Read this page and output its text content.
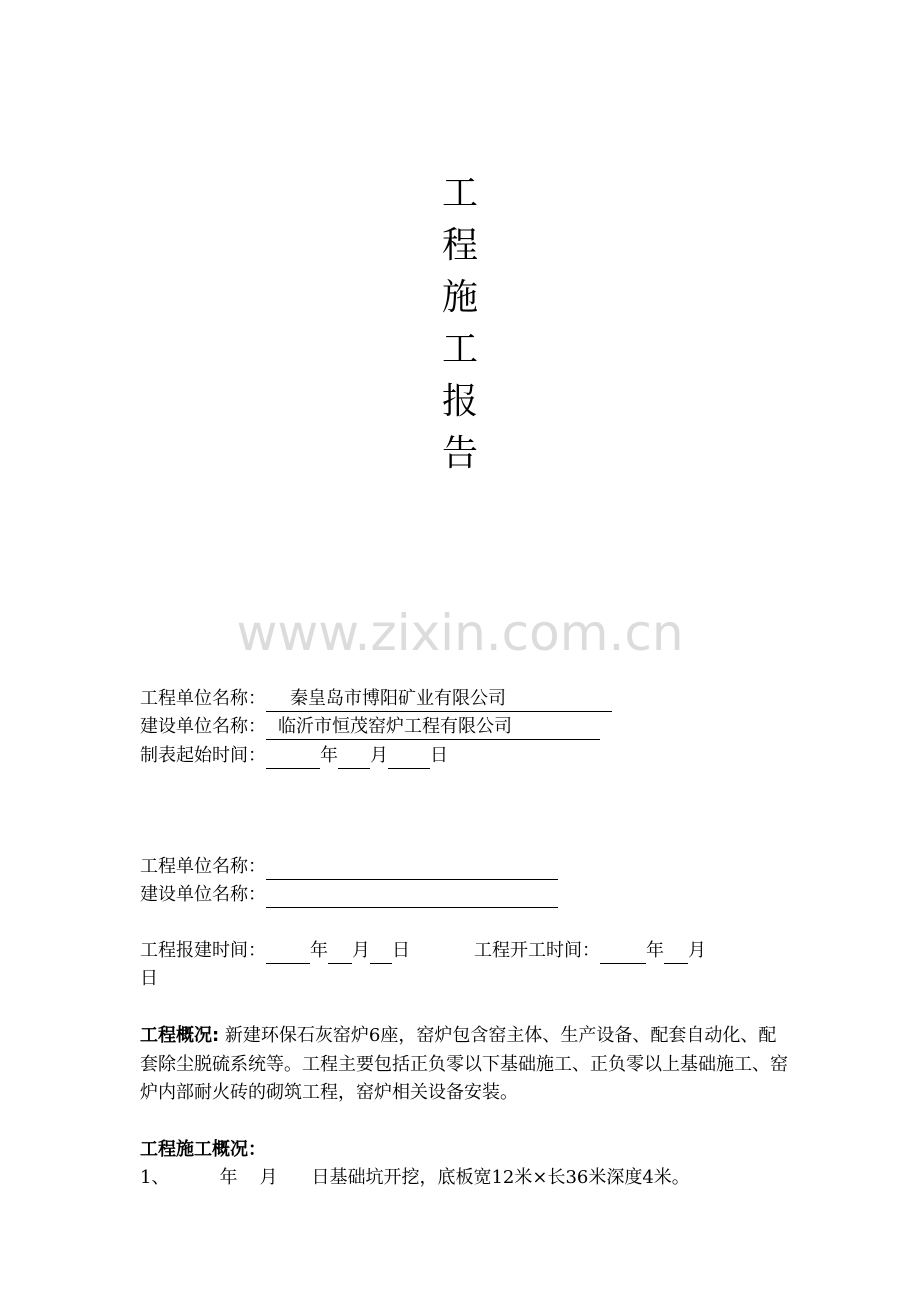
工
程
施
工
报
告
www.zixin.com.cn
工程单位名称：	秦皇岛市博阳矿业有限公司
建设单位名称： 临沂市恒茂窑炉工程有限公司
制表起始时间：	年 月 日
工程单位名称：
建设单位名称：
工程报建时间： 年 月 日	工程开工时间：	年 月
日
工程概况: 新建环保石灰窑炉6座，窑炉包含窑主体、生产设备、配套自动化、配套除尘脱硫系统等。工程主要包括正负零以下基础施工、正负零以上基础施工、窑炉内部耐火砖的砌筑工程，窑炉相关设备安装。
工程施工概况：
1、	年 月 日基础坑开挖，底板宽12米×长36米深度4米。
